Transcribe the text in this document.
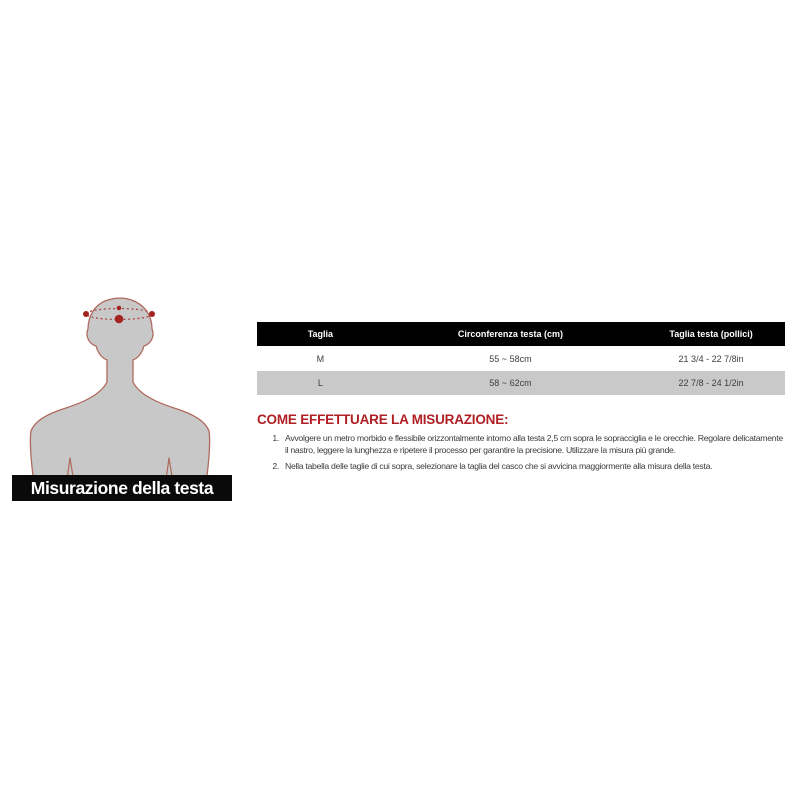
Misurazione della testa
Taglia	Circonferenza testa (cm)	Taglia testa (pollici)
M	55 ~ 58cm	21 3/4 - 22 7/8in
L	58 ~ 62cm	22 7/8 - 24 1/2in
COME EFFETTUARE LA MISURAZIONE:
1. Avvolgere un metro morbido e flessibile orizzontalmente intorno alla testa 2,5 cm sopra le sopracciglia e le orecchie. Regolare delicatamente il nastro, leggere la lunghezza e ripetere il processo per garantire la precisione. Utilizzare la misura più grande.
2. Nella tabella delle taglie di cui sopra, selezionare la taglia del casco che si avvicina maggiormente alla misura della testa.
